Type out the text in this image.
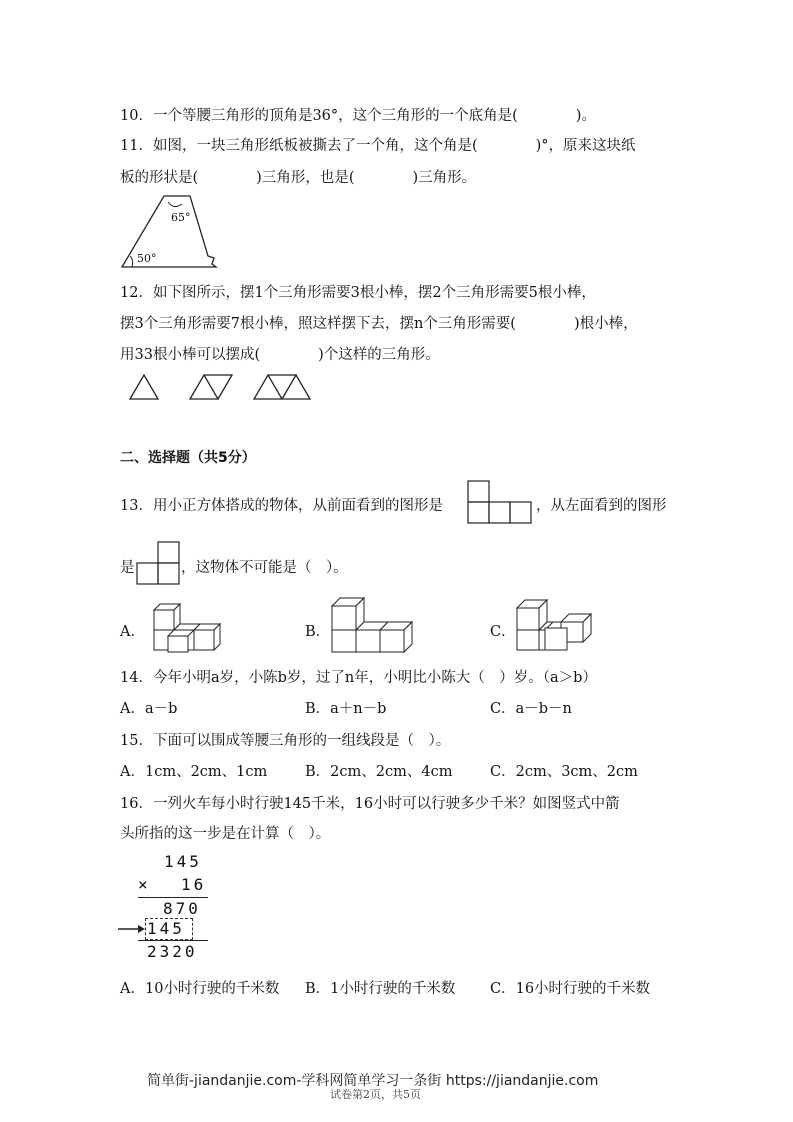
10．一个等腰三角形的顶角是36°，这个三角形的一个底角是(　　　　)。
11．如图，一块三角形纸板被撕去了一个角，这个角是(　　　　)°，原来这块纸
板的形状是(　　　　)三角形，也是(　　　　)三角形。
65°
50°
12．如下图所示，摆1个三角形需要3根小棒，摆2个三角形需要5根小棒，
摆3个三角形需要7根小棒，照这样摆下去，摆n个三角形需要(　　　　)根小棒，
用33根小棒可以摆成(　　　　)个这样的三角形。
二、选择题（共5分）
13．用小正方体搭成的物体，从前面看到的图形是	，从左面看到的图形
是	，这物体不可能是（　）。
A．	B．	C．
14．今年小明a岁，小陈b岁，过了n年，小明比小陈大（　）岁。（a＞b）
A．a－b	B．a＋n－b	C．a－b－n
15．下面可以围成等腰三角形的一组线段是（　）。
A．1cm、2cm、1cm	B．2cm、2cm、4cm	C．2cm、3cm、2cm
16．一列火车每小时行驶145千米，16小时可以行驶多少千米？如图竖式中箭
头所指的这一步是在计算（　）。
145
× 16
870
145
2320
A．10小时行驶的千米数 B．1小时行驶的千米数 C．16小时行驶的千米数
试卷第2页，共5页
简单街-jiandanjie.com-学科网简单学习一条街 https://jiandanjie.com
